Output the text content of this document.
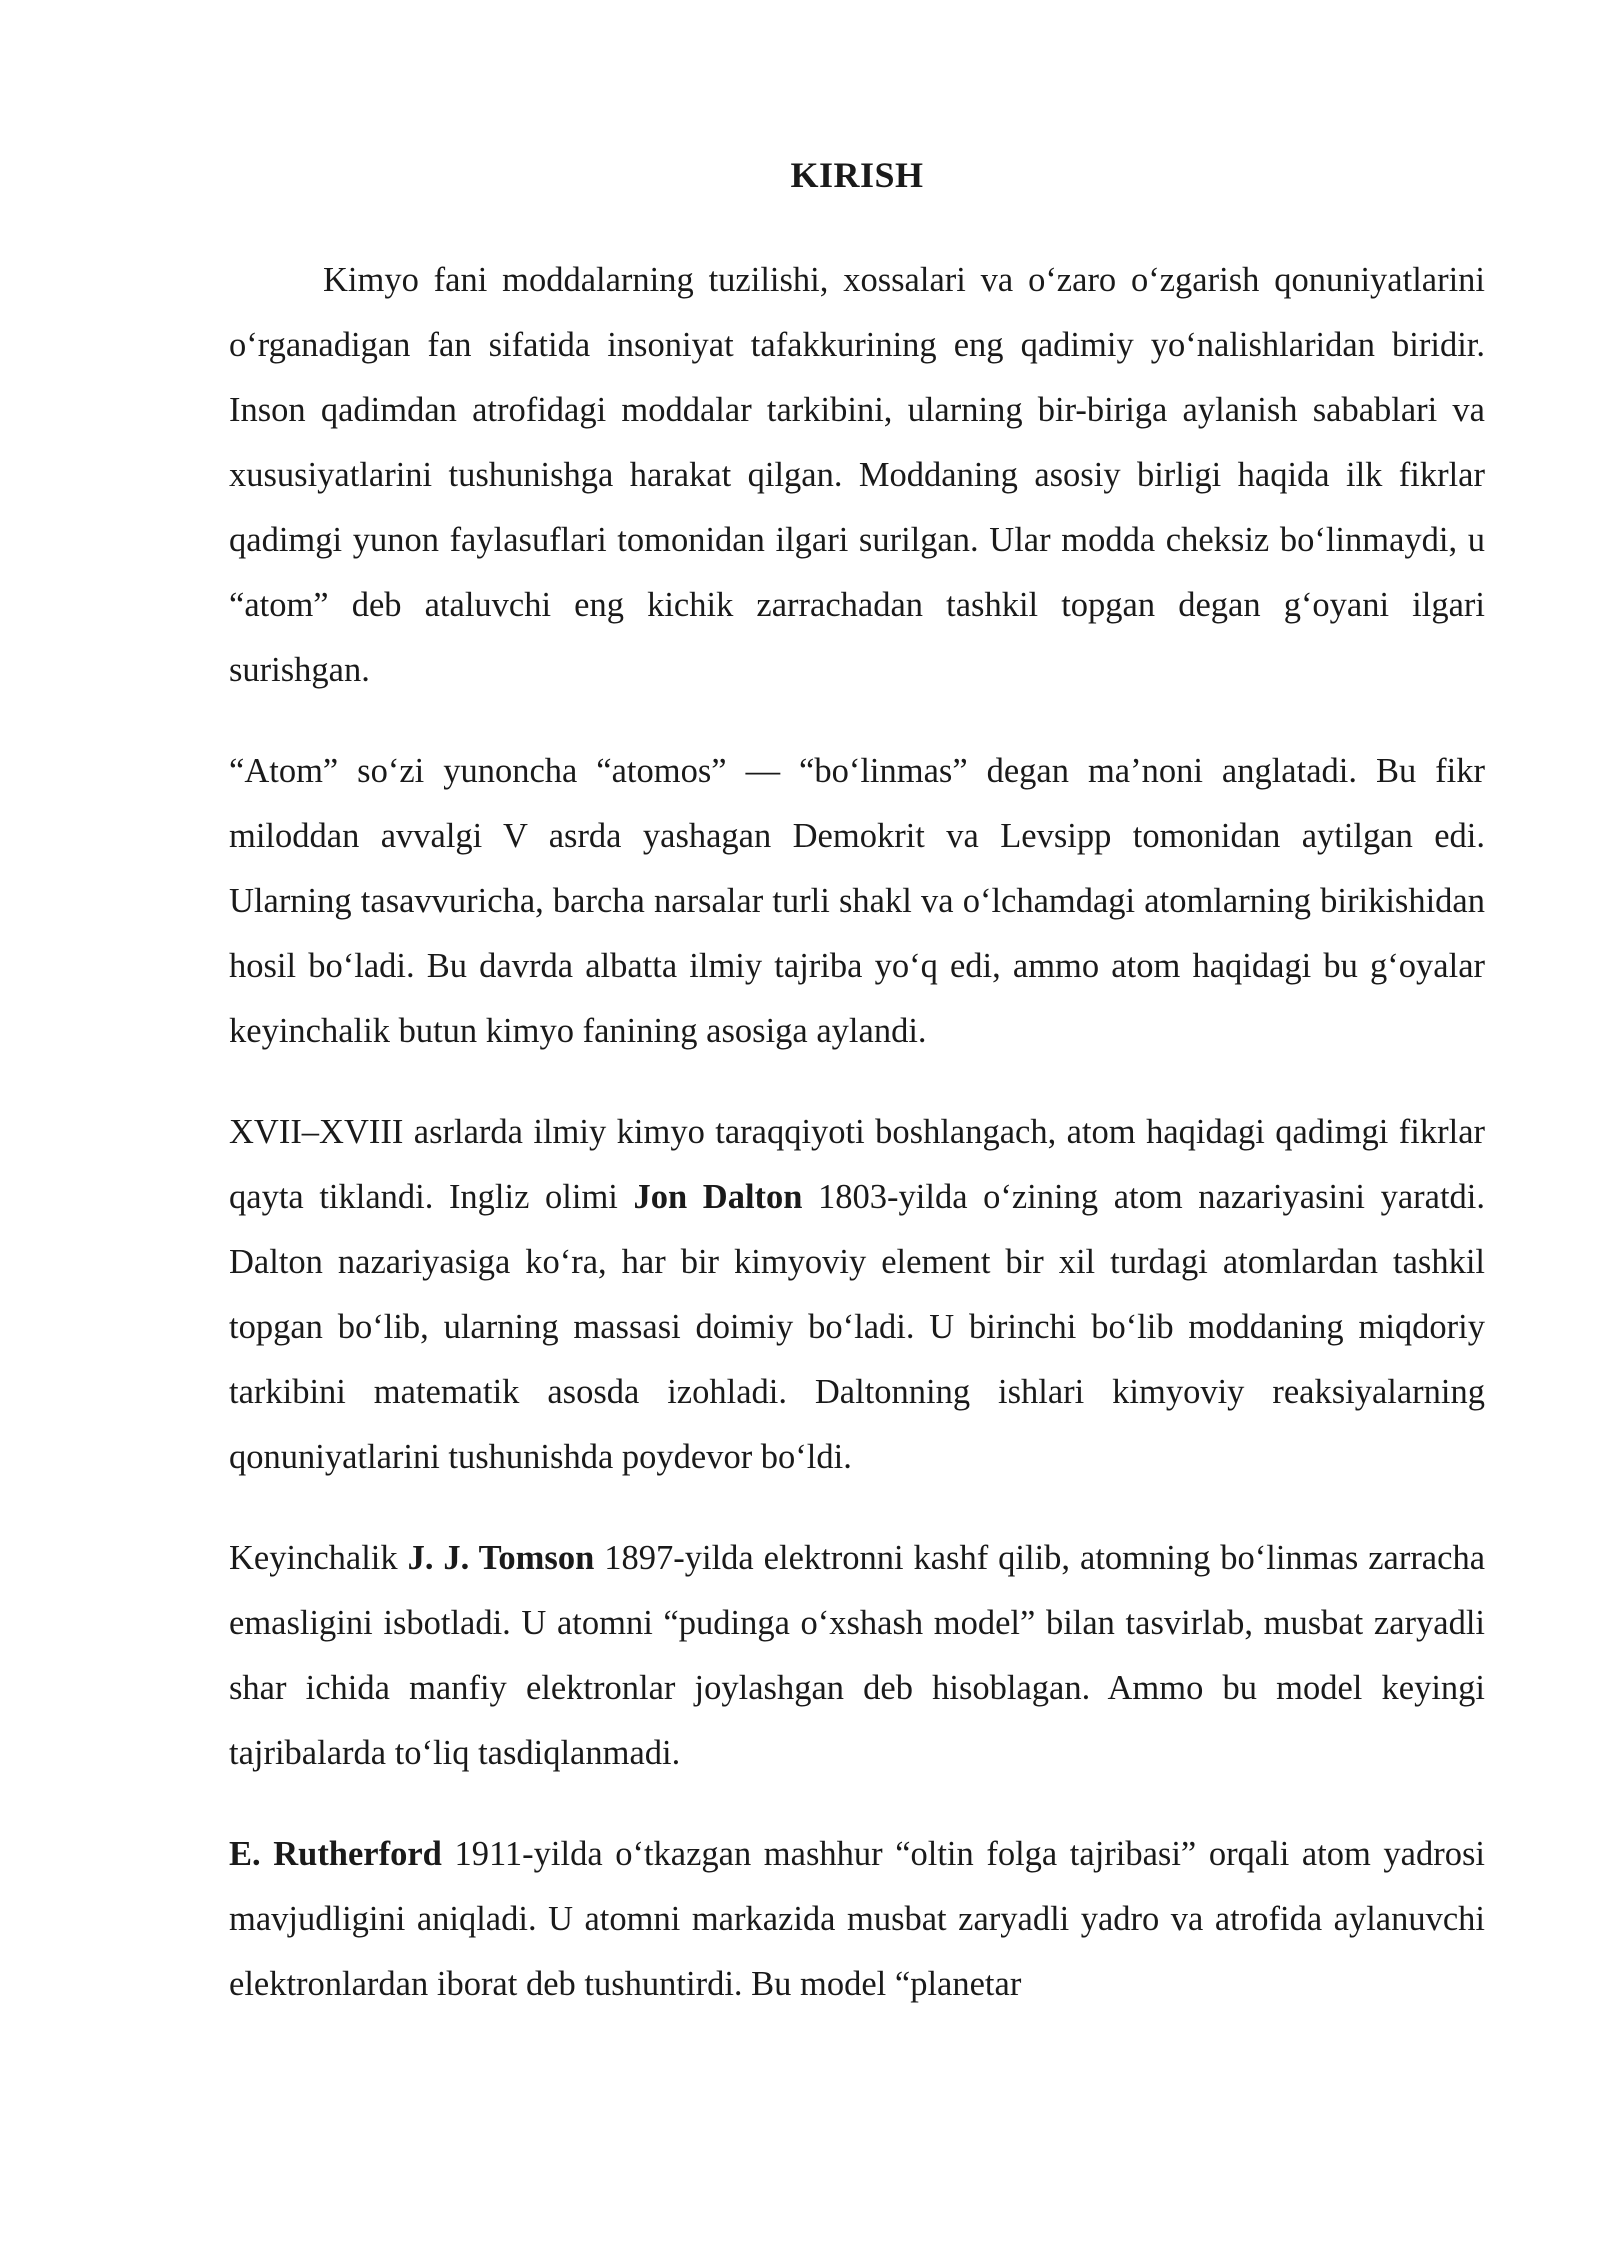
KIRISH

Kimyo fani moddalarning tuzilishi, xossalari va o‘zaro o‘zgarish qonuniyatlarini o‘rganadigan fan sifatida insoniyat tafakkurining eng qadimiy yo‘nalishlaridan biridir. Inson qadimdan atrofidagi moddalar tarkibini, ularning bir-biriga aylanish sabablari va xususiyatlarini tushunishga harakat qilgan. Moddaning asosiy birligi haqida ilk fikrlar qadimgi yunon faylasuflari tomonidan ilgari surilgan. Ular modda cheksiz bo‘linmaydi, u “atom” deb ataluvchi eng kichik zarrachadan tashkil topgan degan g‘oyani ilgari surishgan.

“Atom” so‘zi yunoncha “atomos” — “bo‘linmas” degan ma’noni anglatadi. Bu fikr miloddan avvalgi V asrda yashagan Demokrit va Levsipp tomonidan aytilgan edi. Ularning tasavvuricha, barcha narsalar turli shakl va o‘lchamdagi atomlarning birikishidan hosil bo‘ladi. Bu davrda albatta ilmiy tajriba yo‘q edi, ammo atom haqidagi bu g‘oyalar keyinchalik butun kimyo fanining asosiga aylandi.

XVII–XVIII asrlarda ilmiy kimyo taraqqiyoti boshlangach, atom haqidagi qadimgi fikrlar qayta tiklandi. Ingliz olimi Jon Dalton 1803-yilda o‘zining atom nazariyasini yaratdi. Dalton nazariyasiga ko‘ra, har bir kimyoviy element bir xil turdagi atomlardan tashkil topgan bo‘lib, ularning massasi doimiy bo‘ladi. U birinchi bo‘lib moddaning miqdoriy tarkibini matematik asosda izohladi. Daltonning ishlari kimyoviy reaksiyalarning qonuniyatlarini tushunishda poydevor bo‘ldi.

Keyinchalik J. J. Tomson 1897-yilda elektronni kashf qilib, atomning bo‘linmas zarracha emasligini isbotladi. U atomni “pudinga o‘xshash model” bilan tasvirlab, musbat zaryadli shar ichida manfiy elektronlar joylashgan deb hisoblagan. Ammo bu model keyingi tajribalarda to‘liq tasdiqlanmadi.

E. Rutherford 1911-yilda o‘tkazgan mashhur “oltin folga tajribasi” orqali atom yadrosi mavjudligini aniqladi. U atomni markazida musbat zaryadli yadro va atrofida aylanuvchi elektronlardan iborat deb tushuntirdi. Bu model “planetar
